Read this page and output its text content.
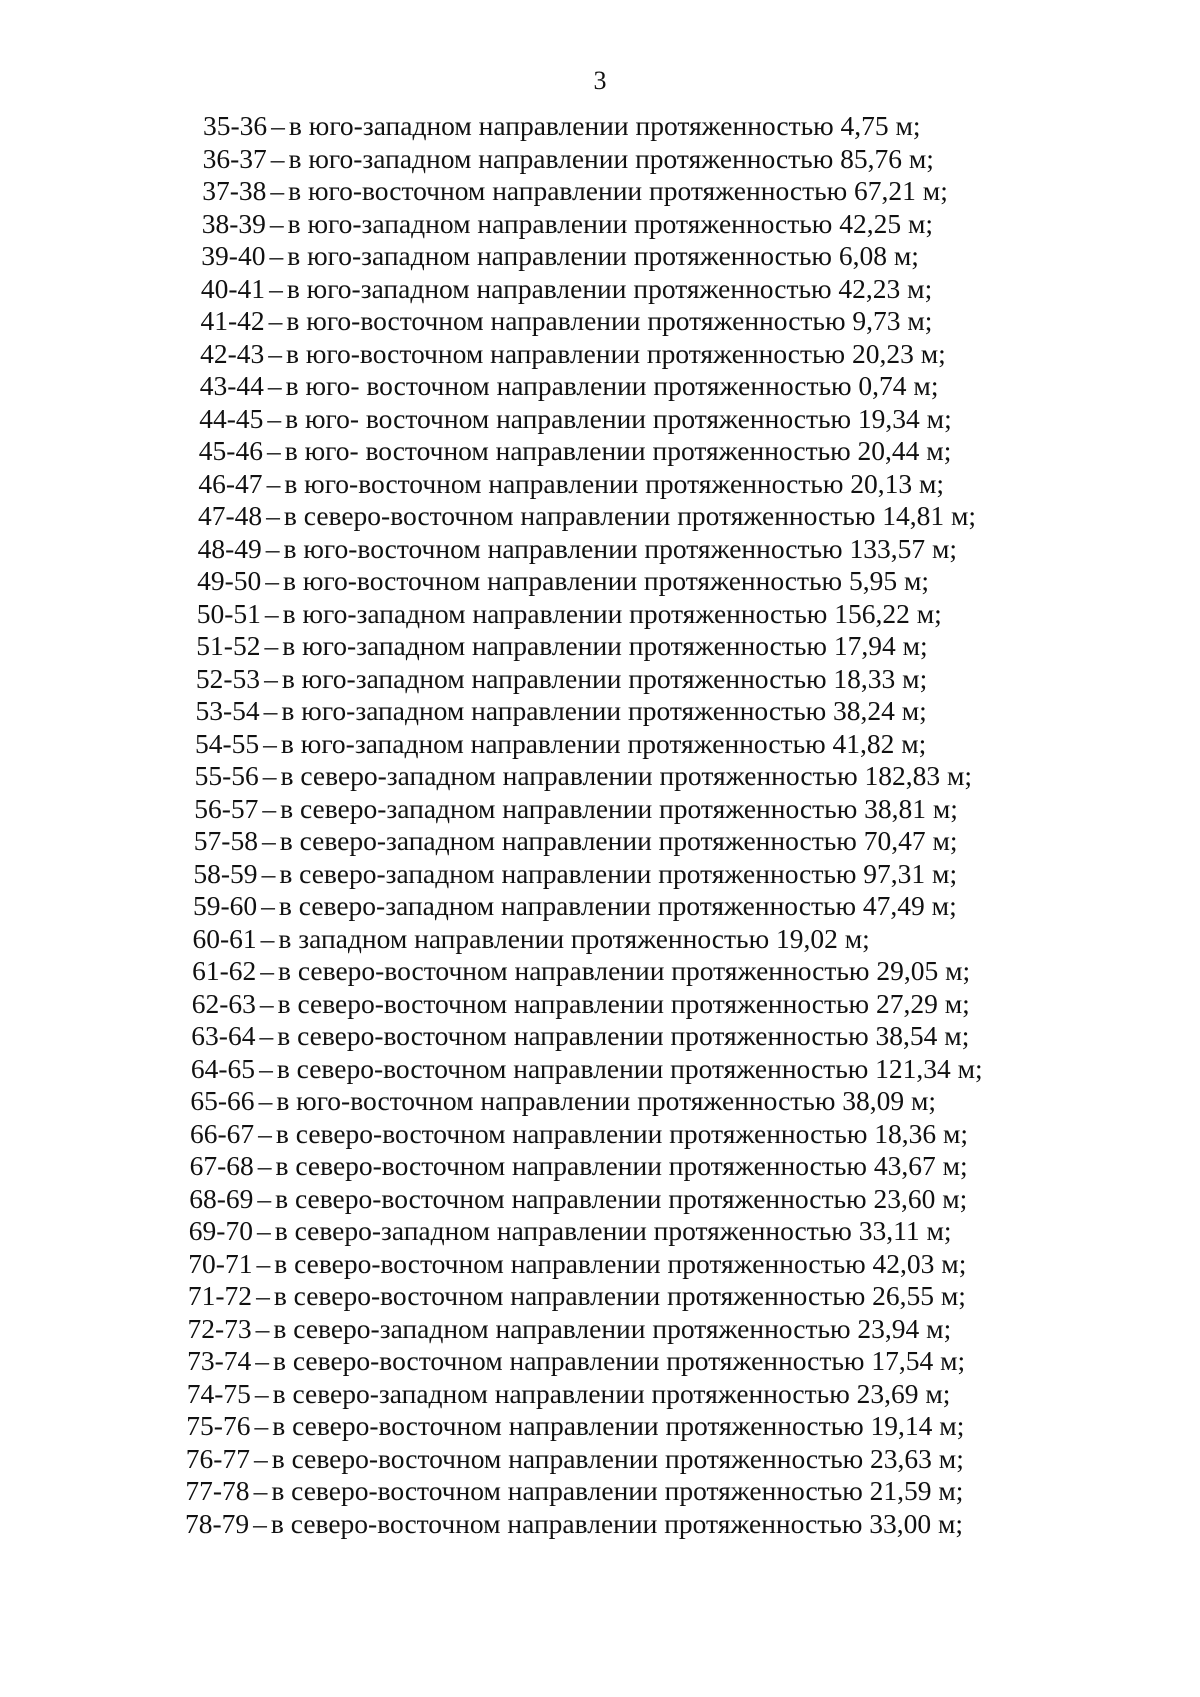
3
35-36 – в юго-западном направлении протяженностью 4,75 м;
36-37 – в юго-западном направлении протяженностью 85,76 м;
37-38 – в юго-восточном направлении протяженностью 67,21 м;
38-39 – в юго-западном направлении протяженностью 42,25 м;
39-40 – в юго-западном направлении протяженностью 6,08 м;
40-41 – в юго-западном направлении протяженностью 42,23 м;
41-42 – в юго-восточном направлении протяженностью 9,73 м;
42-43 – в юго-восточном направлении протяженностью 20,23 м;
43-44 – в юго- восточном направлении протяженностью 0,74 м;
44-45 – в юго- восточном направлении протяженностью 19,34 м;
45-46 – в юго- восточном направлении протяженностью 20,44 м;
46-47 – в юго-восточном направлении протяженностью 20,13 м;
47-48 – в северо-восточном направлении протяженностью 14,81 м;
48-49 – в юго-восточном направлении протяженностью 133,57 м;
49-50 – в юго-восточном направлении протяженностью 5,95 м;
50-51 – в юго-западном направлении протяженностью 156,22 м;
51-52 – в юго-западном направлении протяженностью 17,94 м;
52-53 – в юго-западном направлении протяженностью 18,33 м;
53-54 – в юго-западном направлении протяженностью 38,24 м;
54-55 – в юго-западном направлении протяженностью 41,82 м;
55-56 – в северо-западном направлении протяженностью 182,83 м;
56-57 – в северо-западном направлении протяженностью 38,81 м;
57-58 – в северо-западном направлении протяженностью 70,47 м;
58-59 – в северо-западном направлении протяженностью 97,31 м;
59-60 – в северо-западном направлении протяженностью 47,49 м;
60-61 – в западном направлении протяженностью 19,02 м;
61-62 – в северо-восточном направлении протяженностью 29,05 м;
62-63 – в северо-восточном направлении протяженностью 27,29 м;
63-64 – в северо-восточном направлении протяженностью 38,54 м;
64-65 – в северо-восточном направлении протяженностью 121,34 м;
65-66 – в юго-восточном направлении протяженностью 38,09 м;
66-67 – в северо-восточном направлении протяженностью 18,36 м;
67-68 – в северо-восточном направлении протяженностью 43,67 м;
68-69 – в северо-восточном направлении протяженностью 23,60 м;
69-70 – в северо-западном направлении протяженностью 33,11 м;
70-71 – в северо-восточном направлении протяженностью 42,03 м;
71-72 – в северо-восточном направлении протяженностью 26,55 м;
72-73 – в северо-западном направлении протяженностью 23,94 м;
73-74 – в северо-восточном направлении протяженностью 17,54 м;
74-75 – в северо-западном направлении протяженностью 23,69 м;
75-76 – в северо-восточном направлении протяженностью 19,14 м;
76-77 – в северо-восточном направлении протяженностью 23,63 м;
77-78 – в северо-восточном направлении протяженностью 21,59 м;
78-79 – в северо-восточном направлении протяженностью 33,00 м;
